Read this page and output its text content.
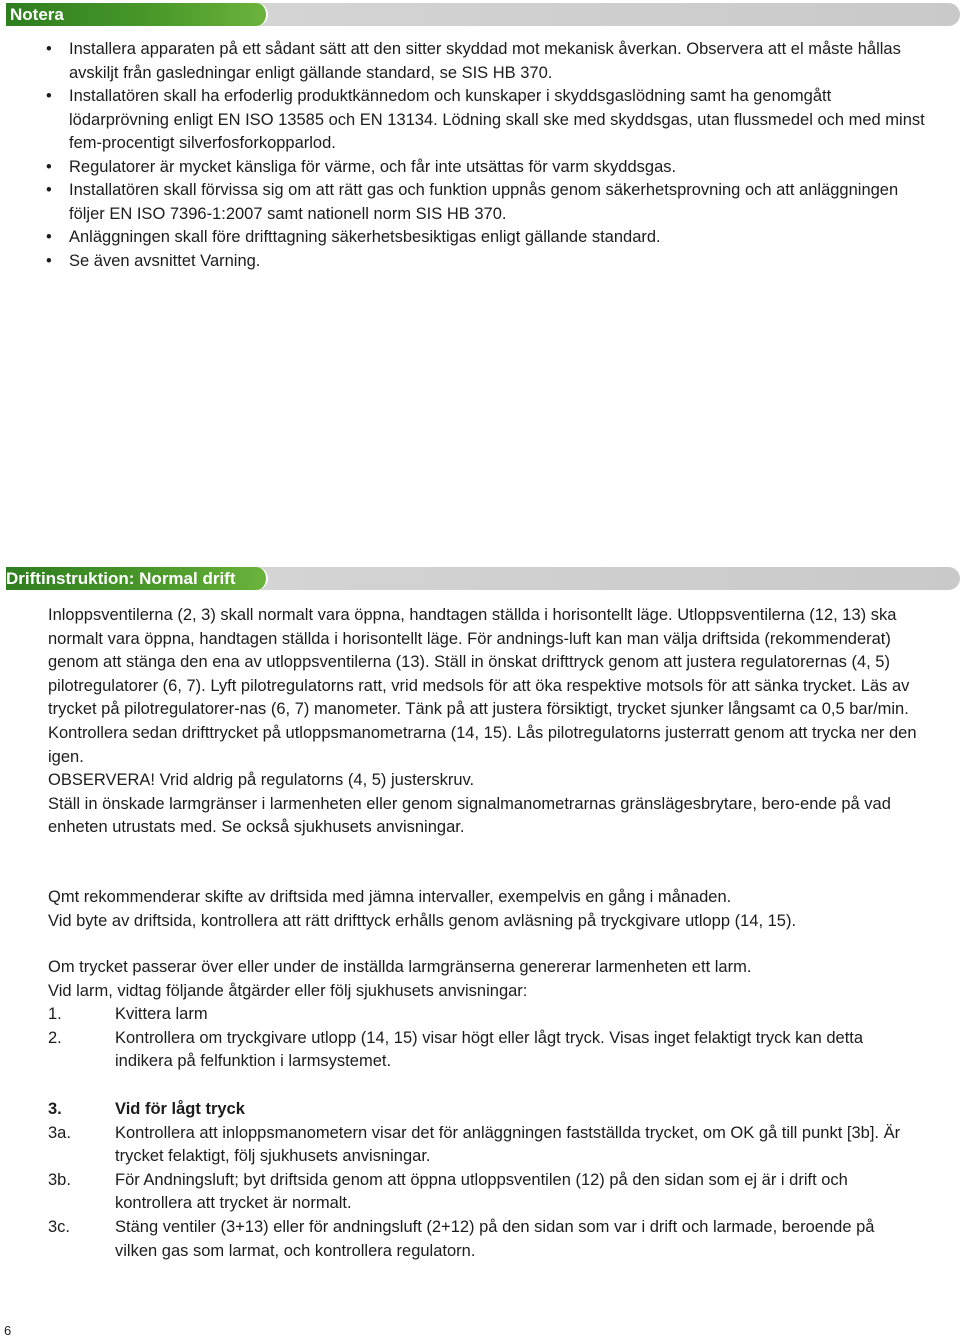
Notera
• Installera apparaten på ett sådant sätt att den sitter skyddad mot mekanisk åverkan. Observera att el måste hållas avskiljt från gasledningar enligt gällande standard, se SIS HB 370.
• Installatören skall ha erfoderlig produktkännedom och kunskaper i skyddsgaslödning samt ha genomgått lödarprövning enligt EN ISO 13585 och EN 13134. Lödning skall ske med skyddsgas, utan flussmedel och med minst fem-procentigt silverfosforkopparlod.
• Regulatorer är mycket känsliga för värme, och får inte utsättas för varm skyddsgas.
• Installatören skall förvissa sig om att rätt gas och funktion uppnås genom säkerhetsprovning och att anläggningen följer EN ISO 7396-1:2007 samt nationell norm SIS HB 370.
• Anläggningen skall före drifttagning säkerhetsbesiktigas enligt gällande standard.
• Se även avsnittet Varning.
Driftinstruktion: Normal drift
Inloppsventilerna (2, 3) skall normalt vara öppna, handtagen ställda i horisontellt läge. Utloppsventilerna (12, 13) ska normalt vara öppna, handtagen ställda i horisontellt läge. För andnings-luft kan man välja driftsida (rekommenderat) genom att stänga den ena av utloppsventilerna (13). Ställ in önskat drifttryck genom att justera regulatorernas (4, 5) pilotregulatorer (6, 7). Lyft pilotregulatorns ratt, vrid medsols för att öka respektive motsols för att sänka trycket. Läs av trycket på pilotregulatorer-nas (6, 7) manometer. Tänk på att justera försiktigt, trycket sjunker långsamt ca 0,5 bar/min. Kontrollera sedan drifttrycket på utloppsmanometrarna (14, 15). Lås pilotregulatorns justerratt genom att trycka ner den igen.
OBSERVERA! Vrid aldrig på regulatorns (4, 5) justerskruv.
Ställ in önskade larmgränser i larmenheten eller genom signalmanometrarnas gränslägesbrytare, bero-ende på vad enheten utrustats med. Se också sjukhusets anvisningar.
Qmt rekommenderar skifte av driftsida med jämna intervaller, exempelvis en gång i månaden.
Vid byte av driftsida, kontrollera att rätt drifttyck erhålls genom avläsning på tryckgivare utlopp (14, 15).
Om trycket passerar över eller under de inställda larmgränserna genererar larmenheten ett larm.
Vid larm, vidtag följande åtgärder eller följ sjukhusets anvisningar:
1.	Kvittera larm
2.	Kontrollera om tryckgivare utlopp (14, 15) visar högt eller lågt tryck. Visas inget felaktigt tryck kan detta indikera på felfunktion i larmsystemet.
3.	Vid för lågt tryck
3a.	Kontrollera att inloppsmanometern visar det för anläggningen fastställda trycket, om OK gå till punkt [3b]. Är trycket felaktigt, följ sjukhusets anvisningar.
3b.	För Andningsluft; byt driftsida genom att öppna utloppsventilen (12) på den sidan som ej är i drift och kontrollera att trycket är normalt.
3c.	Stäng ventiler (3+13) eller för andningsluft (2+12) på den sidan som var i drift och larmade, beroende på vilken gas som larmat, och kontrollera regulatorn.
6
